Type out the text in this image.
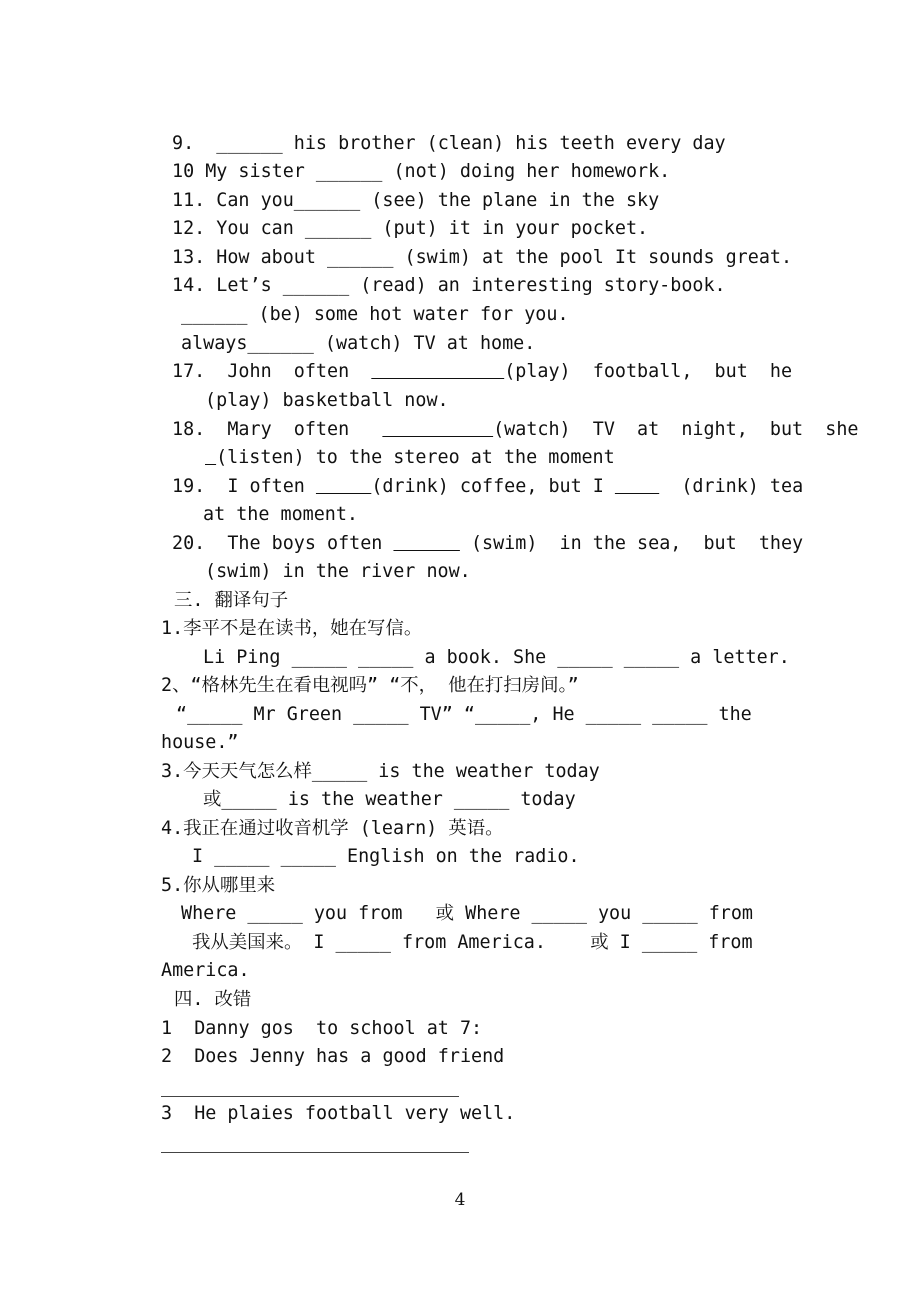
9.  ______ his brother (clean) his teeth every day
10 My sister ______ (not) doing her homework.
11. Can you______ (see) the plane in the sky
12. You can ______ (put) it in your pocket.
13. How about ______ (swim) at the pool It sounds great.
14. Let’s ______ (read) an interesting story-book.
______ (be) some hot water for you.
always______ (watch) TV at home.
17.  John  often	(play)  football,  but  he
(play) basketball now.
18.  Mary  often	(watch)  TV  at  night,  but  she
(listen) to the stereo at the moment
19.  I often	(drink) coffee, but I       (drink) tea
at the moment.
20.  The boys often	(swim)  in the sea,  but  they
(swim) in the river now.
三. 翻译句子
1.李平不是在读书，她在写信。
Li Ping _____ _____ a book. She _____ _____ a letter.
2、“格林先生在看电视吗” “不， 他在打扫房间。”
“_____ Mr Green _____ TV” “_____, He _____ _____ the
house.”
3.今天天气怎么样_____ is the weather today
或_____ is the weather _____ today
4.我正在通过收音机学 (learn) 英语。
I _____ _____ English on the radio.
5.你从哪里来
Where _____ you from   或 Where _____ you _____ from
我从美国来。 I _____ from America.    或 I _____ from
America.
四. 改错
1  Danny gos  to school at 7:
2  Does Jenny has a good friend
3  He plaies football very well.
4
